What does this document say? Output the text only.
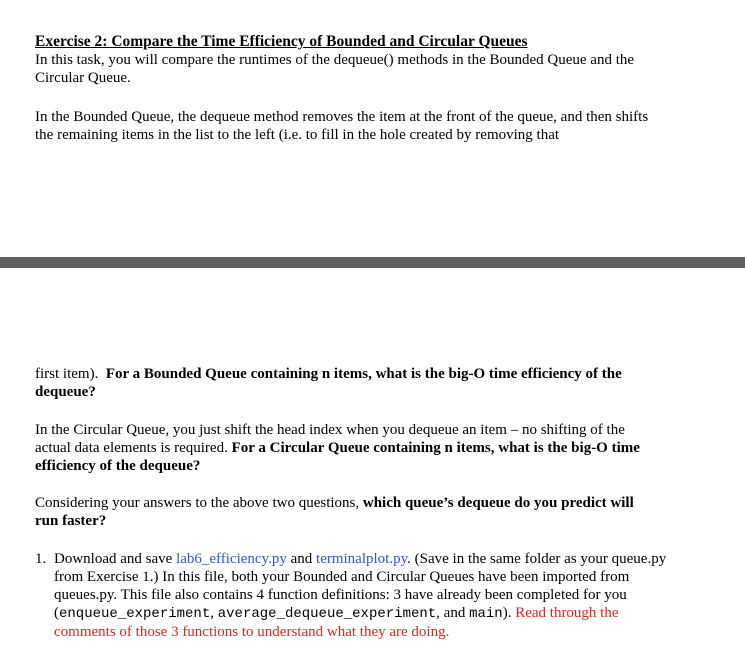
Exercise 2: Compare the Time Efficiency of Bounded and Circular Queues
In this task, you will compare the runtimes of the dequeue() methods in the Bounded Queue and the Circular Queue.
In the Bounded Queue, the dequeue method removes the item at the front of the queue, and then shifts the remaining items in the list to the left (i.e. to fill in the hole created by removing that
first item). For a Bounded Queue containing n items, what is the big-O time efficiency of the dequeue?
In the Circular Queue, you just shift the head index when you dequeue an item – no shifting of the actual data elements is required. For a Circular Queue containing n items, what is the big-O time efficiency of the dequeue?
Considering your answers to the above two questions, which queue’s dequeue do you predict will run faster?
1. Download and save lab6_efficiency.py and terminalplot.py. (Save in the same folder as your queue.py from Exercise 1.) In this file, both your Bounded and Circular Queues have been imported from queues.py. This file also contains 4 function definitions: 3 have already been completed for you (enqueue_experiment, average_dequeue_experiment, and main). Read through the comments of those 3 functions to understand what they are doing.
